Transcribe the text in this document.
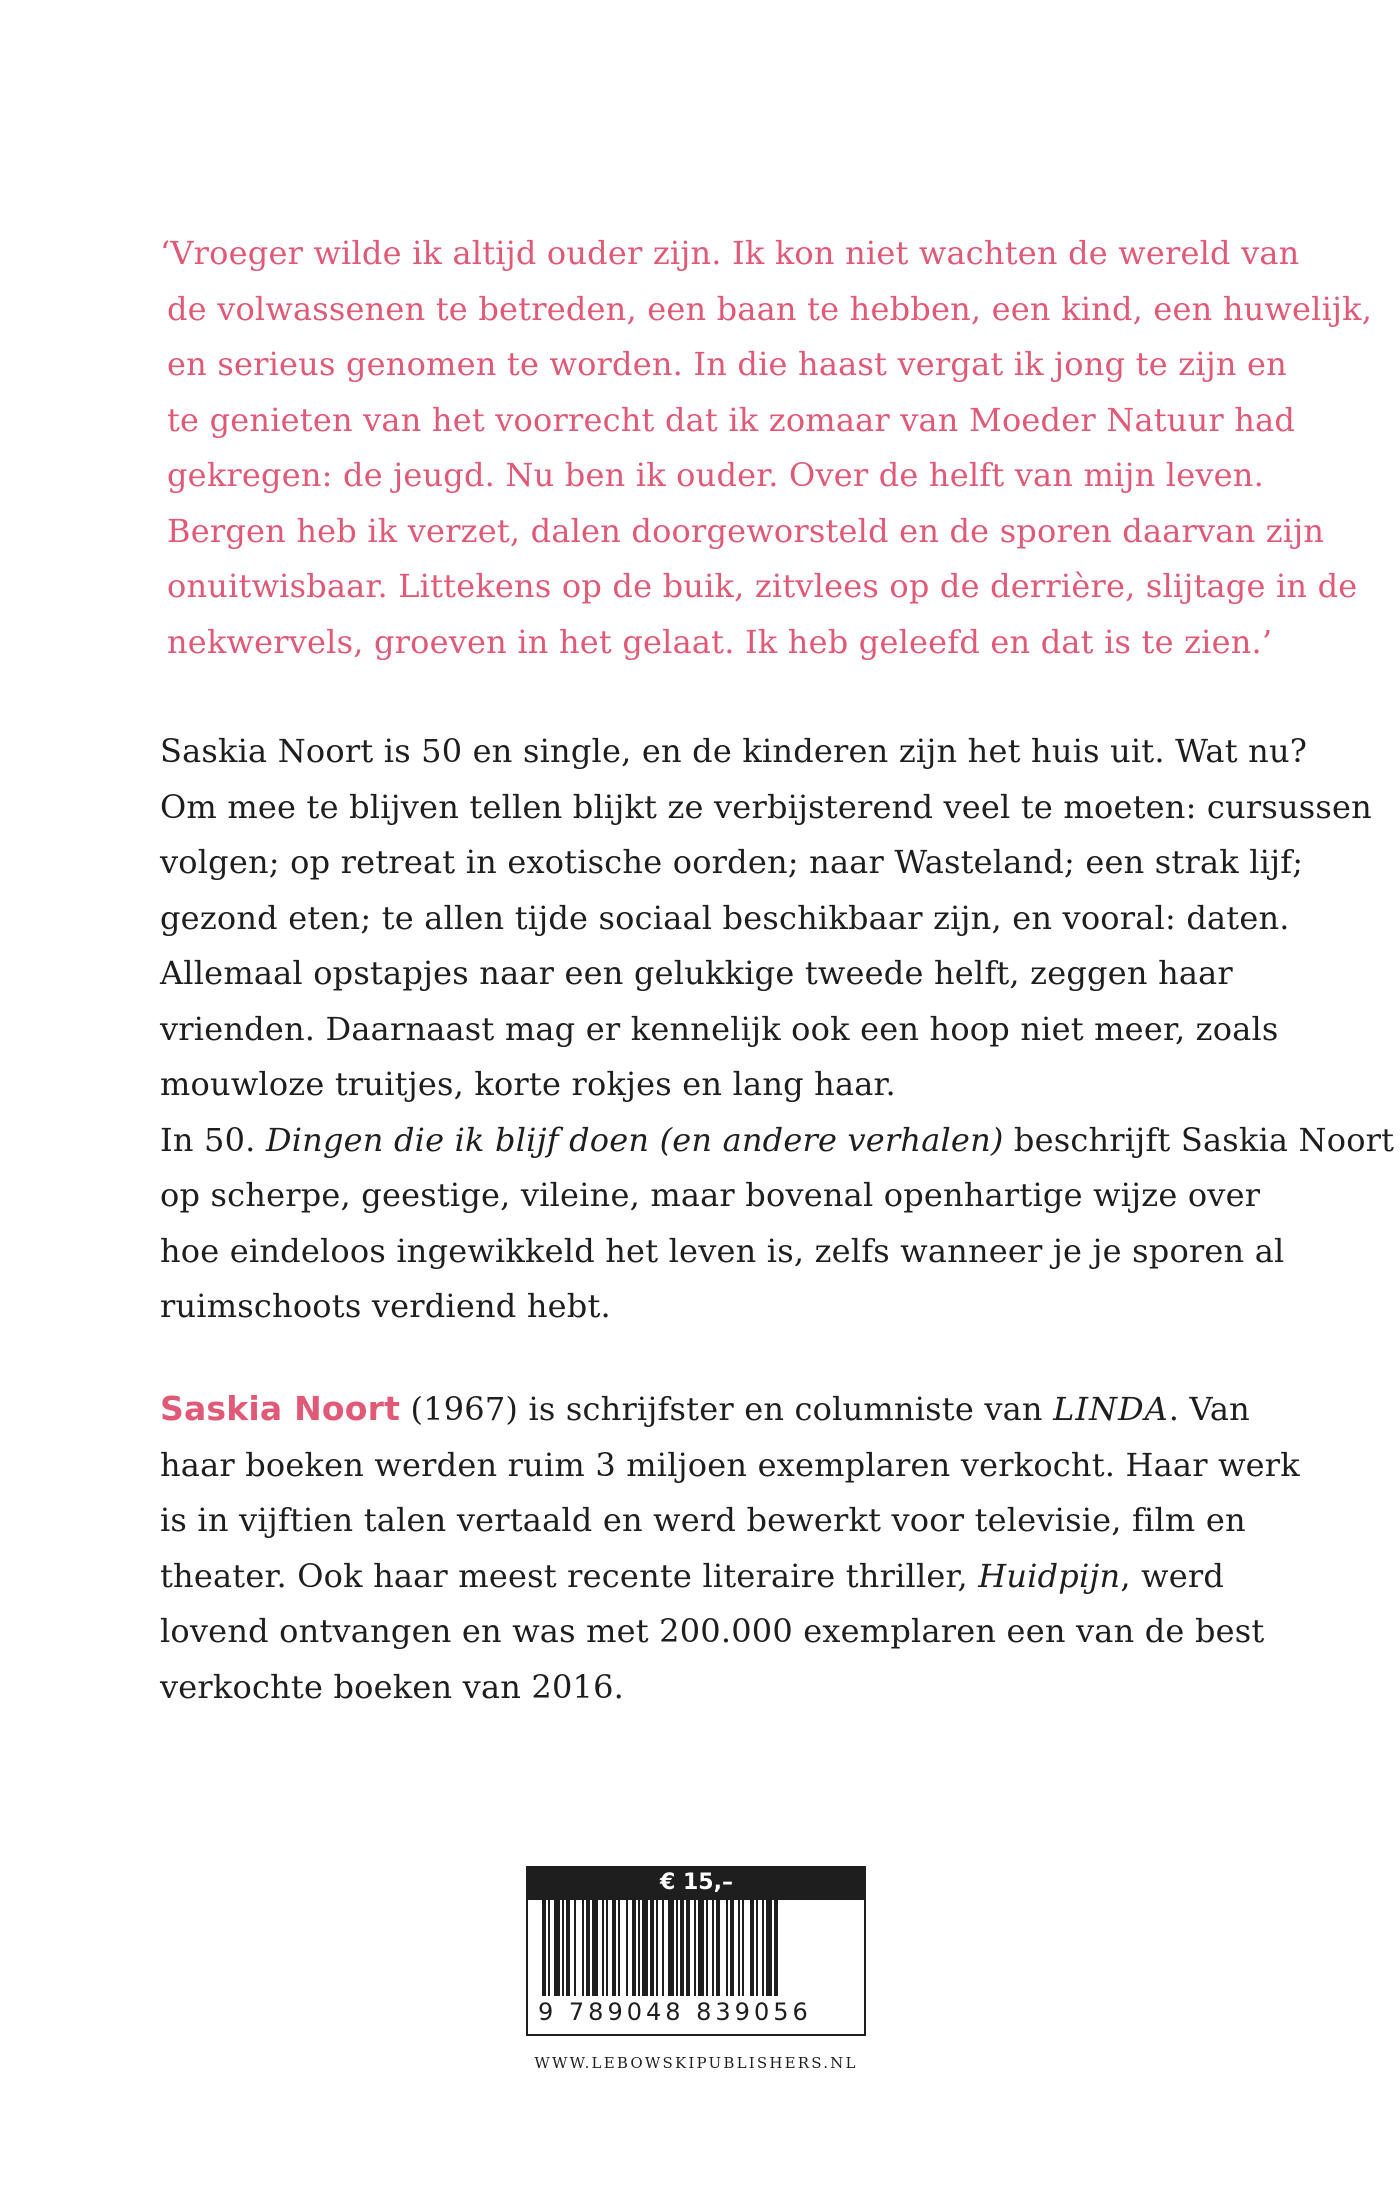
‘Vroeger wilde ik altijd ouder zijn. Ik kon niet wachten de wereld van
de volwassenen te betreden, een baan te hebben, een kind, een huwelijk,
en serieus genomen te worden. In die haast vergat ik jong te zijn en
te genieten van het voorrecht dat ik zomaar van Moeder Natuur had
gekregen: de jeugd. Nu ben ik ouder. Over de helft van mijn leven.
Bergen heb ik verzet, dalen doorgeworsteld en de sporen daarvan zijn
onuitwisbaar. Littekens op de buik, zitvlees op de derrière, slijtage in de
nekwervels, groeven in het gelaat. Ik heb geleefd en dat is te zien.’
Saskia Noort is 50 en single, en de kinderen zijn het huis uit. Wat nu?
Om mee te blijven tellen blijkt ze verbijsterend veel te moeten: cursussen
volgen; op retreat in exotische oorden; naar Wasteland; een strak lijf;
gezond eten; te allen tijde sociaal beschikbaar zijn, en vooral: daten.
Allemaal opstapjes naar een gelukkige tweede helft, zeggen haar
vrienden. Daarnaast mag er kennelijk ook een hoop niet meer, zoals
mouwloze truitjes, korte rokjes en lang haar.
In 50. Dingen die ik blijf doen (en andere verhalen) beschrijft Saskia Noort
op scherpe, geestige, vileine, maar bovenal openhartige wijze over
hoe eindeloos ingewikkeld het leven is, zelfs wanneer je je sporen al
ruimschoots verdiend hebt.
Saskia Noort (1967) is schrijfster en columniste van LINDA. Van
haar boeken werden ruim 3 miljoen exemplaren verkocht. Haar werk
is in vijftien talen vertaald en werd bewerkt voor televisie, film en
theater. Ook haar meest recente literaire thriller, Huidpijn, werd
lovend ontvangen en was met 200.000 exemplaren een van de best
verkochte boeken van 2016.
€ 15,–
9 789048 839056
WWW.LEBOWSKIPUBLISHERS.NL
